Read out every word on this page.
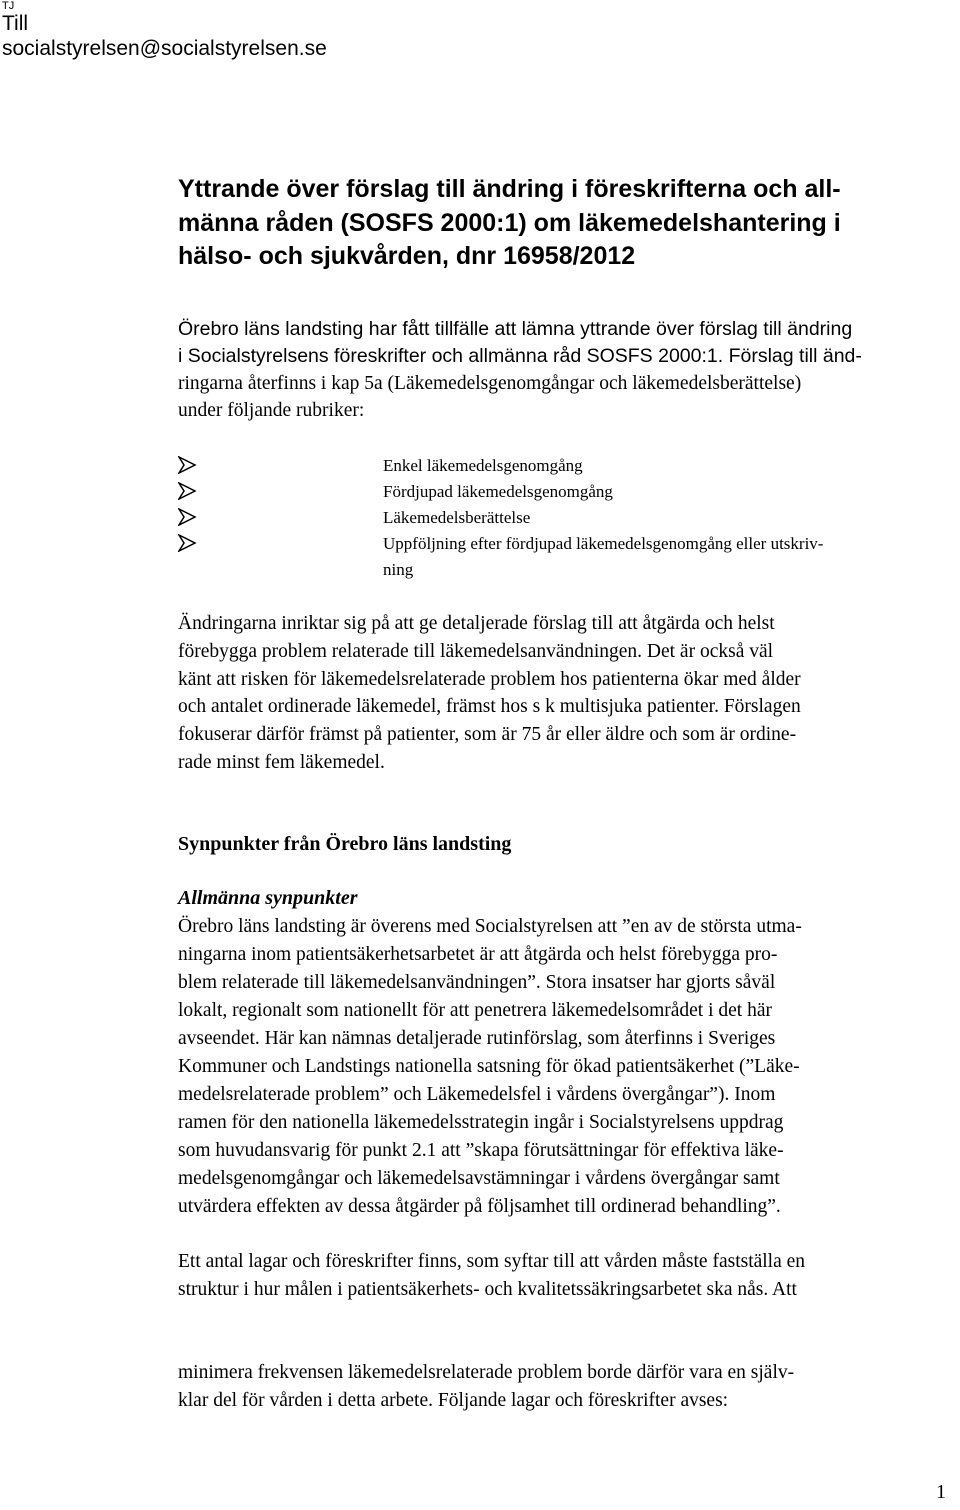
TJ
Till
socialstyrelsen@socialstyrelsen.se
Yttrande över förslag till ändring i föreskrifterna och all-
männa råden (SOSFS 2000:1) om läkemedelshantering i
hälso- och sjukvården, dnr 16958/2012
Örebro läns landsting har fått tillfälle att lämna yttrande över förslag till ändring
i Socialstyrelsens föreskrifter och allmänna råd SOSFS 2000:1. Förslag till änd-
ringarna återfinns i kap 5a (Läkemedelsgenomgångar och läkemedelsberättelse)
under följande rubriker:
Enkel läkemedelsgenomgång
Fördjupad läkemedelsgenomgång
Läkemedelsberättelse
Uppföljning efter fördjupad läkemedelsgenomgång eller utskriv-
ning
Ändringarna inriktar sig på att ge detaljerade förslag till att åtgärda och helst
förebygga problem relaterade till läkemedelsanvändningen. Det är också väl
känt att risken för läkemedelsrelaterade problem hos patienterna ökar med ålder
och antalet ordinerade läkemedel, främst hos s k multisjuka patienter. Förslagen
fokuserar därför främst på patienter, som är 75 år eller äldre och som är ordine-
rade minst fem läkemedel.
Synpunkter från Örebro läns landsting
Allmänna synpunkter
Örebro läns landsting är överens med Socialstyrelsen att ”en av de största utma-
ningarna inom patientsäkerhetsarbetet är att åtgärda och helst förebygga pro-
blem relaterade till läkemedelsanvändningen”. Stora insatser har gjorts såväl
lokalt, regionalt som nationellt för att penetrera läkemedelsområdet i det här
avseendet. Här kan nämnas detaljerade rutinförslag, som återfinns i Sveriges
Kommuner och Landstings nationella satsning för ökad patientsäkerhet (”Läke-
medelsrelaterade problem” och Läkemedelsfel i vårdens övergångar”). Inom
ramen för den nationella läkemedelsstrategin ingår i Socialstyrelsens uppdrag
som huvudansvarig för punkt 2.1 att ”skapa förutsättningar för effektiva läke-
medelsgenomgångar och läkemedelsavstämningar i vårdens övergångar samt
utvärdera effekten av dessa åtgärder på följsamhet till ordinerad behandling”.
Ett antal lagar och föreskrifter finns, som syftar till att vården måste fastställa en
struktur i hur målen i patientsäkerhets- och kvalitetssäkringsarbetet ska nås. Att
minimera frekvensen läkemedelsrelaterade problem borde därför vara en själv-
klar del för vården i detta arbete. Följande lagar och föreskrifter avses:
1
